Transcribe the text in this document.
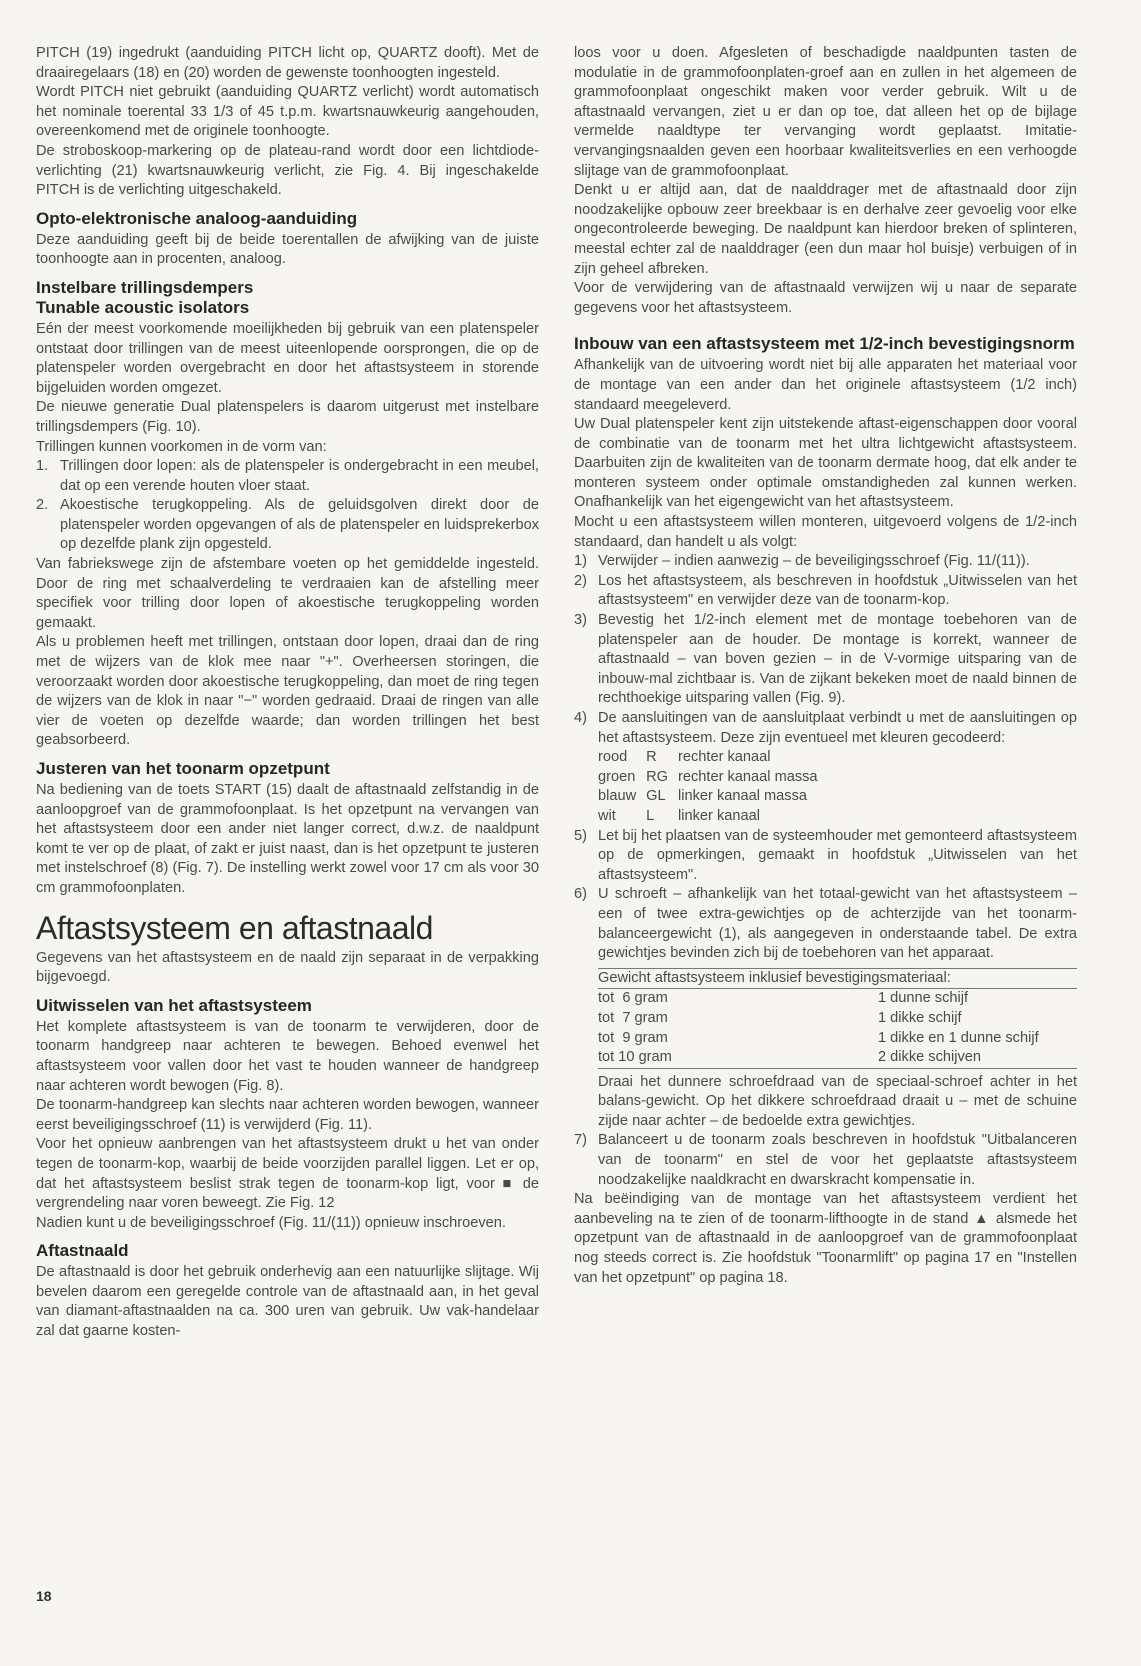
PITCH (19) ingedrukt (aanduiding PITCH licht op, QUARTZ dooft). Met de draairegelaars (18) en (20) worden de gewenste toonhoogten ingesteld.

Wordt PITCH niet gebruikt (aanduiding QUARTZ verlicht) wordt automatisch het nominale toerental 33 1/3 of 45 t.p.m. kwartsnauwkeurig aangehouden, overeenkomend met de originele toonhoogte.

De stroboskoop-markering op de plateau-rand wordt door een lichtdiode-verlichting (21) kwartsnauwkeurig verlicht, zie Fig. 4. Bij ingeschakelde PITCH is de verlichting uitgeschakeld.

Opto-elektronische analoog-aanduiding

Deze aanduiding geeft bij de beide toerentallen de afwijking van de juiste toonhoogte aan in procenten, analoog.

Instelbare trillingsdempers
Tunable acoustic isolators

Eén der meest voorkomende moeilijkheden bij gebruik van een platenspeler ontstaat door trillingen van de meest uiteenlopende oorsprongen, die op de platenspeler worden overgebracht en door het aftastsysteem in storende bijgeluiden worden omgezet.

De nieuwe generatie Dual platenspelers is daarom uitgerust met instelbare trillingsdempers (Fig. 10).

Trillingen kunnen voorkomen in de vorm van:

1. Trillingen door lopen: als de platenspeler is ondergebracht in een meubel, dat op een verende houten vloer staat.
2. Akoestische terugkoppeling. Als de geluidsgolven direkt door de platenspeler worden opgevangen of als de platenspeler en luidsprekerbox op dezelfde plank zijn opgesteld.

Van fabriekswege zijn de afstembare voeten op het gemiddelde ingesteld. Door de ring met schaalverdeling te verdraaien kan de afstelling meer specifiek voor trilling door lopen of akoestische terugkoppeling worden gemaakt.

Als u problemen heeft met trillingen, ontstaan door lopen, draai dan de ring met de wijzers van de klok mee naar "+". Overheersen storingen, die veroorzaakt worden door akoestische terugkoppeling, dan moet de ring tegen de wijzers van de klok in naar "−" worden gedraaid. Draai de ringen van alle vier de voeten op dezelfde waarde; dan worden trillingen het best geabsorbeerd.

Justeren van het toonarm opzetpunt

Na bediening van de toets START (15) daalt de aftastnaald zelfstandig in de aanloopgroef van de grammofoonplaat. Is het opzetpunt na vervangen van het aftastsysteem door een ander niet langer correct, d.w.z. de naaldpunt komt te ver op de plaat, of zakt er juist naast, dan is het opzetpunt te justeren met instelschroef (8) (Fig. 7). De instelling werkt zowel voor 17 cm als voor 30 cm grammofoonplaten.

Aftastsysteem en aftastnaald

Gegevens van het aftastsysteem en de naald zijn separaat in de verpakking bijgevoegd.

Uitwisselen van het aftastsysteem

Het komplete aftastsysteem is van de toonarm te verwijderen, door de toonarm handgreep naar achteren te bewegen. Behoed evenwel het aftastsysteem voor vallen door het vast te houden wanneer de handgreep naar achteren wordt bewogen (Fig. 8).

De toonarm-handgreep kan slechts naar achteren worden bewogen, wanneer eerst beveiligingsschroef (11) is verwijderd (Fig. 11).

Voor het opnieuw aanbrengen van het aftastsysteem drukt u het van onder tegen de toonarm-kop, waarbij de beide voorzijden parallel liggen. Let er op, dat het aftastsysteem beslist strak tegen de toonarm-kop ligt, voor ■ de vergrendeling naar voren beweegt. Zie Fig. 12

Nadien kunt u de beveiligingsschroef (Fig. 11/(11)) opnieuw inschroeven.

Aftastnaald

De aftastnaald is door het gebruik onderhevig aan een natuurlijke slijtage. Wij bevelen daarom een geregelde controle van de aftastnaald aan, in het geval van diamant-aftastnaalden na ca. 300 uren van gebruik. Uw vak-handelaar zal dat gaarne kosten-

loos voor u doen. Afgesleten of beschadigde naaldpunten tasten de modulatie in de grammofoonplaten-groef aan en zullen in het algemeen de grammofoonplaat ongeschikt maken voor verder gebruik. Wilt u de aftastnaald vervangen, ziet u er dan op toe, dat alleen het op de bijlage vermelde naaldtype ter vervanging wordt geplaatst. Imitatie-vervangingsnaalden geven een hoorbaar kwaliteitsverlies en een verhoogde slijtage van de grammofoonplaat.

Denkt u er altijd aan, dat de naalddrager met de aftastnaald door zijn noodzakelijke opbouw zeer breekbaar is en derhalve zeer gevoelig voor elke ongecontroleerde beweging. De naaldpunt kan hierdoor breken of splinteren, meestal echter zal de naalddrager (een dun maar hol buisje) verbuigen of in zijn geheel afbreken.

Voor de verwijdering van de aftastnaald verwijzen wij u naar de separate gegevens voor het aftastsysteem.

Inbouw van een aftastsysteem met 1/2-inch bevestigingsnorm

Afhankelijk van de uitvoering wordt niet bij alle apparaten het materiaal voor de montage van een ander dan het originele aftastsysteem (1/2 inch) standaard meegeleverd.

Uw Dual platenspeler kent zijn uitstekende aftast-eigenschappen door vooral de combinatie van de toonarm met het ultra lichtgewicht aftastsysteem. Daarbuiten zijn de kwaliteiten van de toonarm dermate hoog, dat elk ander te monteren systeem onder optimale omstandigheden zal kunnen werken. Onafhankelijk van het eigengewicht van het aftastsysteem.

Mocht u een aftastsysteem willen monteren, uitgevoerd volgens de 1/2-inch standaard, dan handelt u als volgt:

1) Verwijder – indien aanwezig – de beveiligingsschroef (Fig. 11/(11)).
2) Los het aftastsysteem, als beschreven in hoofdstuk „Uitwisselen van het aftastsysteem" en verwijder deze van de toonarm-kop.
3) Bevestig het 1/2-inch element met de montage toebehoren van de platenspeler aan de houder. De montage is korrekt, wanneer de aftastnaald – van boven gezien – in de V-vormige uitsparing van de inbouw-mal zichtbaar is. Van de zijkant bekeken moet de naald binnen de rechthoekige uitsparing vallen (Fig. 9).
4) De aansluitingen van de aansluitplaat verbindt u met de aansluitingen op het aftastsysteem. Deze zijn eventueel met kleuren gecodeerd:
rood	R	rechter kanaal
groen	RG	rechter kanaal massa
blauw	GL	linker kanaal massa
wit	L	linker kanaal
5) Let bij het plaatsen van de systeemhouder met gemonteerd aftastsysteem op de opmerkingen, gemaakt in hoofdstuk „Uitwisselen van het aftastsysteem".
6) U schroeft – afhankelijk van het totaal-gewicht van het aftastsysteem – een of twee extra-gewichtjes op de achterzijde van het toonarm-balanceergewicht (1), als aangegeven in onderstaande tabel. De extra gewichtjes bevinden zich bij de toebehoren van het apparaat.
Gewicht aftastsysteem inklusief bevestigingsmateriaal:
tot  6 gram	1 dunne schijf
tot  7 gram	1 dikke schijf
tot  9 gram	1 dikke en 1 dunne schijf
tot 10 gram	2 dikke schijven

Draai het dunnere schroefdraad van de speciaal-schroef achter in het balans-gewicht. Op het dikkere schroefdraad draait u – met de schuine zijde naar achter – de bedoelde extra gewichtjes.

7) Balanceert u de toonarm zoals beschreven in hoofdstuk "Uitbalanceren van de toonarm" en stel de voor het geplaatste aftastsysteem noodzakelijke naaldkracht en dwarskracht kompensatie in.

Na beëindiging van de montage van het aftastsysteem verdient het aanbeveling na te zien of de toonarm-lifthoogte in de stand ▲ alsmede het opzetpunt van de aftastnaald in de aanloopgroef van de grammofoonplaat nog steeds correct is. Zie hoofdstuk "Toonarmlift" op pagina 17 en "Instellen van het opzetpunt" op pagina 18.

18
